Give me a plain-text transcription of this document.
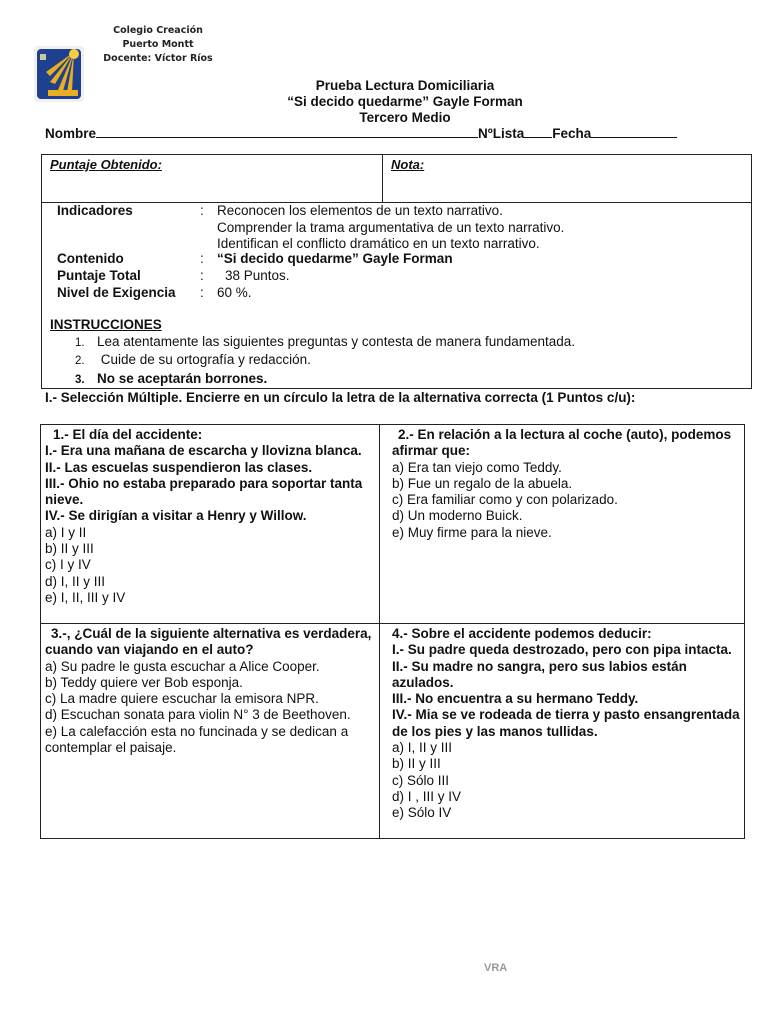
Colegio Creación
Puerto Montt
Docente: Víctor Ríos
Prueba Lectura Domiciliaria
“Si decido quedarme” Gayle Forman
Tercero Medio
Nombre	NºLista Fecha
Puntaje Obtenido:	Nota:
Indicadores	: Reconocen los elementos de un texto narrativo.
Comprender la trama argumentativa de un texto narrativo.
Identifican el conflicto dramático en un texto narrativo.
Contenido	: “Si decido quedarme” Gayle Forman
Puntaje Total	: 38 Puntos.
Nivel de Exigencia	: 60 %.
INSTRUCCIONES
1. Lea atentamente las siguientes preguntas y contesta de manera fundamentada.
2. Cuide de su ortografía y redacción.
3. No se aceptarán borrones.
I.- Selección Múltiple. Encierre en un círculo la letra de la alternativa correcta (1 Puntos c/u):
1.- El día del accidente:
I.- Era una mañana de escarcha y llovizna blanca.
II.- Las escuelas suspendieron las clases.
III.- Ohio no estaba preparado para soportar tanta nieve.
IV.- Se dirigían a visitar a Henry y Willow.
a) I y II
b) II y III
c) I y IV
d) I, II y III
e) I, II, III y IV
2.- En relación a la lectura al coche (auto), podemos afirmar que:
a) Era tan viejo como Teddy.
b) Fue un regalo de la abuela.
c) Era familiar como y con polarizado.
d) Un moderno Buick.
e) Muy firme para la nieve.
3.-, ¿Cuál de la siguiente alternativa es verdadera, cuando van viajando en el auto?
a) Su padre le gusta escuchar a Alice Cooper.
b) Teddy quiere ver Bob esponja.
c) La madre quiere escuchar la emisora NPR.
d) Escuchan sonata para violin N° 3 de Beethoven.
e) La calefacción esta no funcinada y se dedican a contemplar el paisaje.
4.- Sobre el accidente podemos deducir:
I.- Su padre queda destrozado, pero con pipa intacta.
II.- Su madre no sangra, pero sus labios están azulados.
III.- No encuentra a su hermano Teddy.
IV.- Mia se ve rodeada de tierra y pasto ensangrentada de los pies y las manos tullidas.
a) I, II y III
b) II y III
c) Sólo III
d) I , III y IV
e) Sólo IV
VRA
